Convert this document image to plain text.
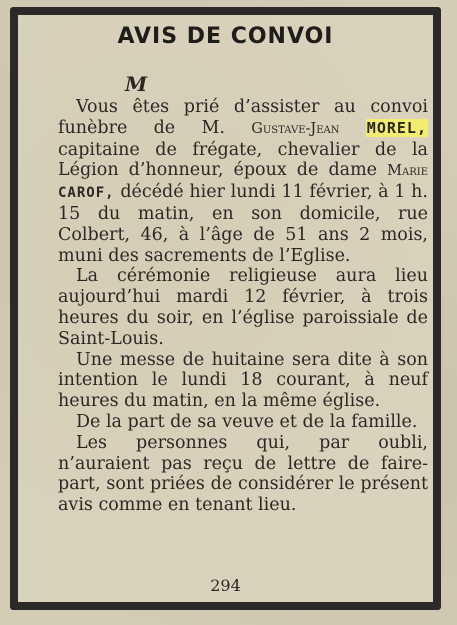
AVIS DE CONVOI
M

Vous êtes prié d’assister au convoi funèbre de M. Gustave-Jean MOREL, capitaine de frégate, chevalier de la Légion d’honneur, époux de dame Marie CAROF, décédé hier lundi 11 février, à 1 h. 15 du matin, en son domicile, rue Colbert, 46, à l’âge de 51 ans 2 mois, muni des sacrements de l’Eglise.

La cérémonie religieuse aura lieu aujourd’hui mardi 12 février, à trois heures du soir, en l’église paroissiale de Saint-Louis.

Une messe de huitaine sera dite à son intention le lundi 18 courant, à neuf heures du matin, en la même église.

De la part de sa veuve et de la famille.

Les personnes qui, par oubli, n’auraient pas reçu de lettre de faire-part, sont priées de considérer le présent avis comme en tenant lieu.

294
